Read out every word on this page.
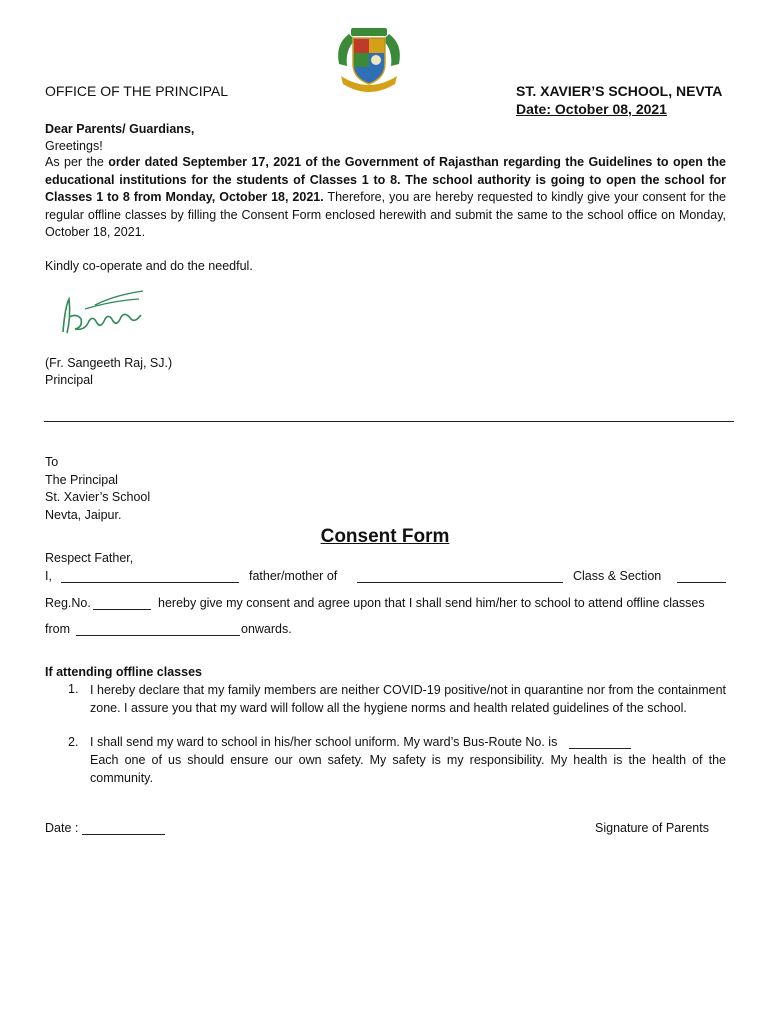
OFFICE OF THE PRINCIPAL	ST. XAVIER’S SCHOOL, NEVTA
Date: October 08, 2021
Dear Parents/ Guardians,
Greetings!
As per the order dated September 17, 2021 of the Government of Rajasthan regarding the Guidelines to open the educational institutions for the students of Classes 1 to 8. The school authority is going to open the school for Classes 1 to 8 from Monday, October 18, 2021. Therefore, you are hereby requested to kindly give your consent for the regular offline classes by filling the Consent Form enclosed herewith and submit the same to the school office on Monday, October 18, 2021.
Kindly co-operate and do the needful.
(Fr. Sangeeth Raj, SJ.)
Principal
To
The Principal
St. Xavier’s School
Nevta, Jaipur.
Consent Form
Respect Father,
I,	father/mother of	Class & Section
Reg.No.	hereby give my consent and agree upon that I shall send him/her to school to attend offline classes
from	onwards.
If attending offline classes
1. I hereby declare that my family members are neither COVID-19 positive/not in quarantine nor from the containment zone. I assure you that my ward will follow all the hygiene norms and health related guidelines of the school.
2. I shall send my ward to school in his/her school uniform. My ward’s Bus-Route No. is
Each one of us should ensure our own safety. My safety is my responsibility. My health is the health of the community.
Date :	Signature of Parents
